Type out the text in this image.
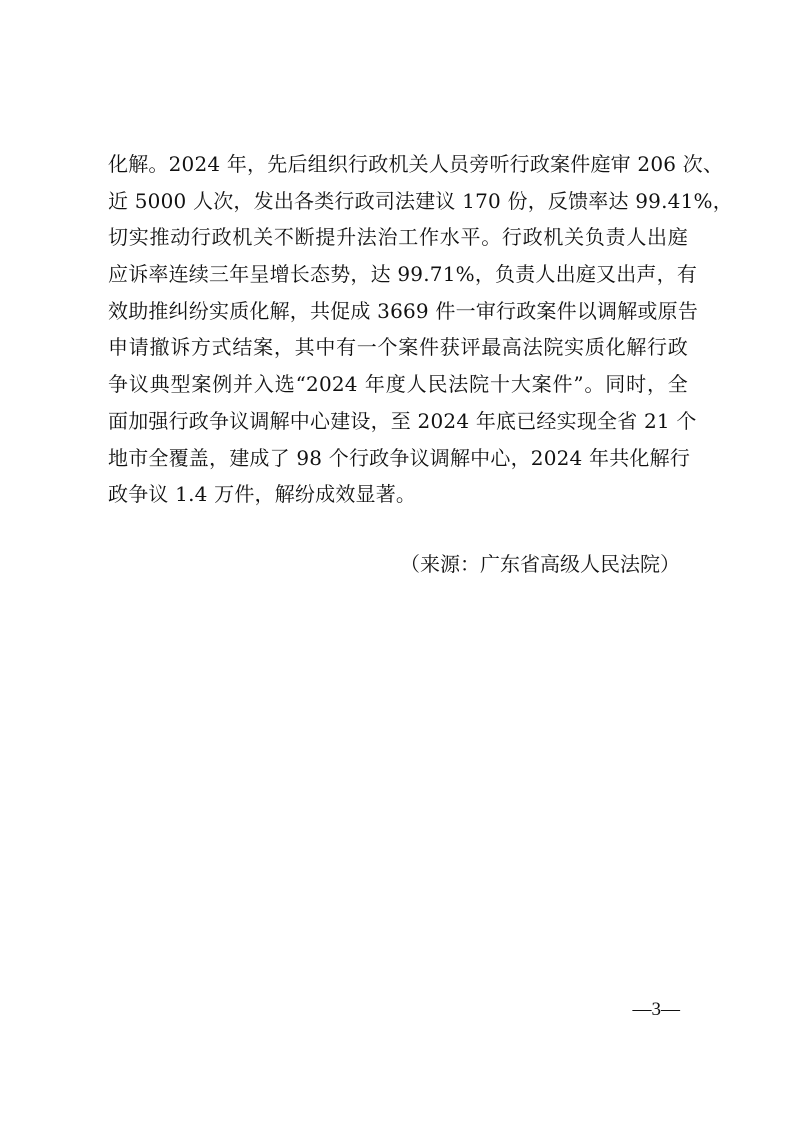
化解。2024 年，先后组织行政机关人员旁听行政案件庭审 206 次、
近 5000 人次，发出各类行政司法建议 170 份，反馈率达 99.41%，
切实推动行政机关不断提升法治工作水平。行政机关负责人出庭
应诉率连续三年呈增长态势，达 99.71%，负责人出庭又出声，有
效助推纠纷实质化解，共促成 3669 件一审行政案件以调解或原告
申请撤诉方式结案，其中有一个案件获评最高法院实质化解行政
争议典型案例并入选“2024 年度人民法院十大案件”。同时，全
面加强行政争议调解中心建设，至 2024 年底已经实现全省 21 个
地市全覆盖，建成了 98 个行政争议调解中心，2024 年共化解行
政争议 1.4 万件，解纷成效显著。
（来源：广东省高级人民法院）
—3—
